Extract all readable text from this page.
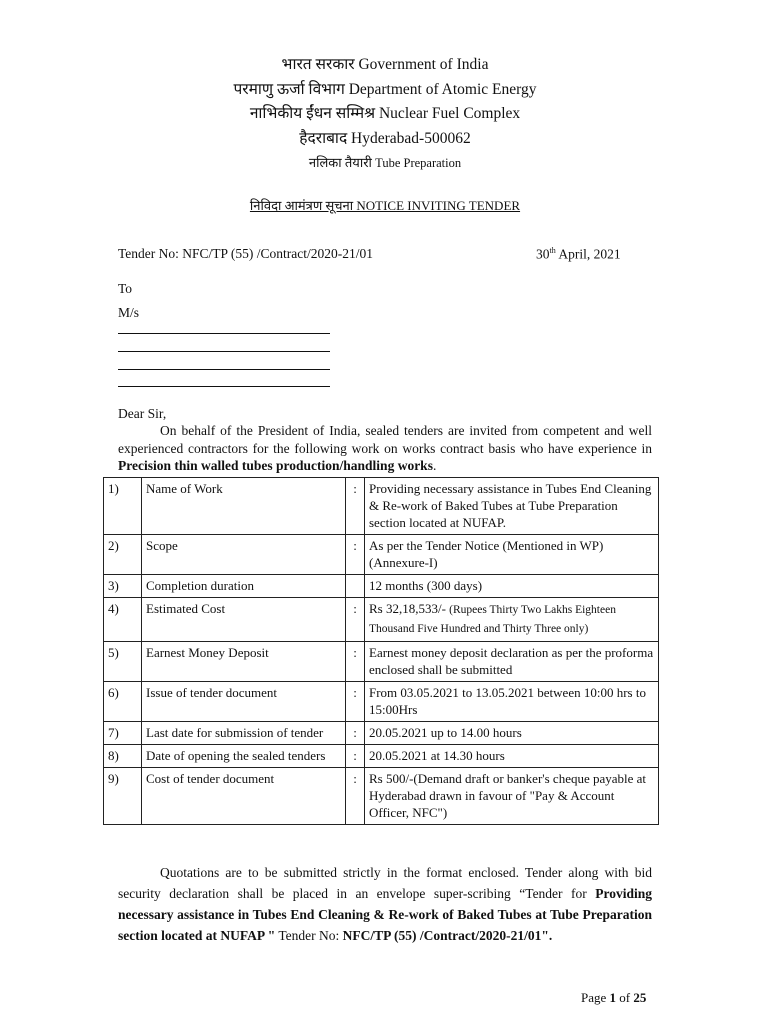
भारत सरकार Government of India
परमाणु ऊर्जा विभाग Department of Atomic Energy
नाभिकीय ईंधन सम्मिश्र Nuclear Fuel Complex
हैदराबाद Hyderabad-500062
नलिका तैयारी Tube Preparation
निविदा आमंत्रण सूचना NOTICE INVITING TENDER
Tender No: NFC/TP (55) /Contract/2020-21/01	30th April, 2021
To
M/s
Dear Sir,
On behalf of the President of India, sealed tenders are invited from competent and well experienced contractors for the following work on works contract basis who have experience in Precision thin walled tubes production/handling works.
1)	Name of Work	:	Providing necessary assistance in Tubes End Cleaning & Re-work of Baked Tubes at Tube Preparation section located at NUFAP.
2)	Scope	:	As per the Tender Notice (Mentioned in WP) (Annexure-I)
3)	Completion duration		12 months (300 days)
4)	Estimated Cost	:	Rs 32,18,533/- (Rupees Thirty Two Lakhs Eighteen Thousand Five Hundred and Thirty Three only)
5)	Earnest Money Deposit	:	Earnest money deposit declaration as per the proforma enclosed shall be submitted
6)	Issue of tender document	:	From 03.05.2021 to 13.05.2021 between 10:00 hrs to 15:00Hrs
7)	Last date for submission of tender	:	20.05.2021 up to 14.00 hours
8)	Date of opening the sealed tenders	:	20.05.2021 at 14.30 hours
9)	Cost of tender document	:	Rs 500/-(Demand draft or banker's cheque payable at Hyderabad drawn in favour of "Pay & Account Officer, NFC")
Quotations are to be submitted strictly in the format enclosed. Tender along with bid security declaration shall be placed in an envelope super-scribing “Tender for Providing necessary assistance in Tubes End Cleaning & Re-work of Baked Tubes at Tube Preparation section located at NUFAP " Tender No: NFC/TP (55) /Contract/2020-21/01".
Page 1 of 25
